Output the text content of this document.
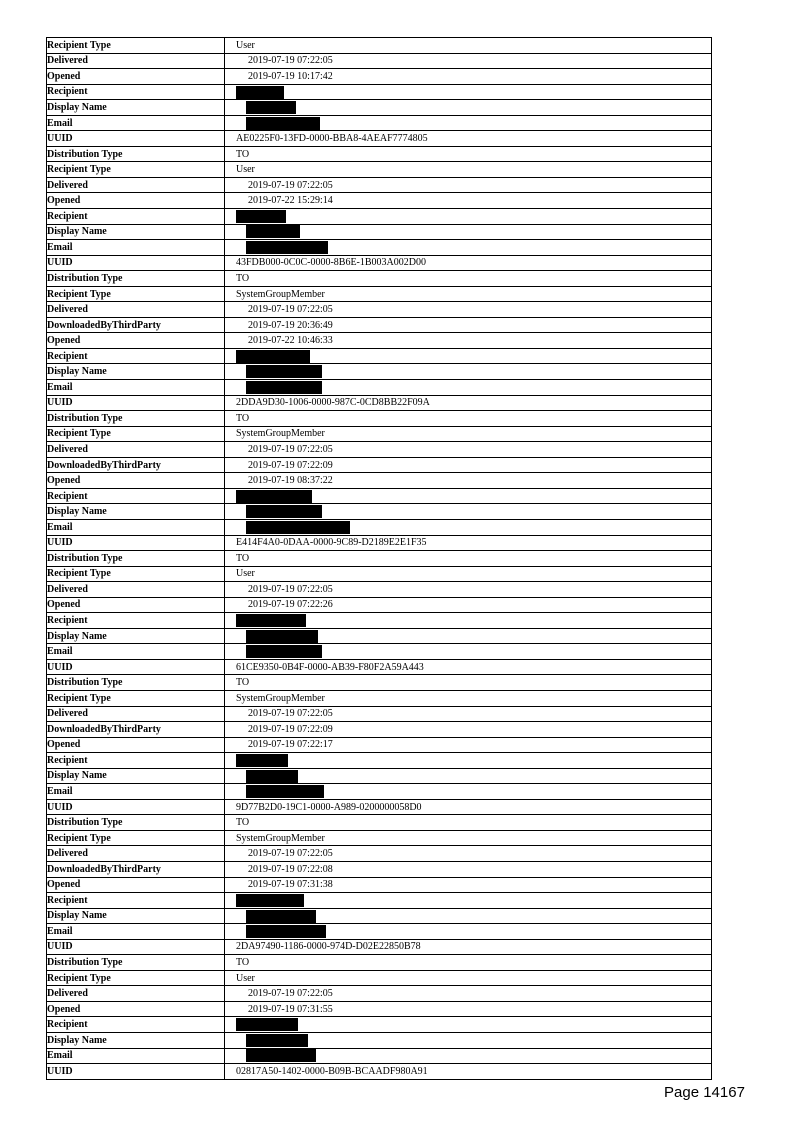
Recipient Type	User
Delivered	2019-07-19 07:22:05
Opened	2019-07-19 10:17:42
Recipient	
Display Name	
Email	
UUID	AE0225F0-13FD-0000-BBA8-4AEAF7774805
Distribution Type	TO
Recipient Type	User
Delivered	2019-07-19 07:22:05
Opened	2019-07-22 15:29:14
Recipient	
Display Name	
Email	
UUID	43FDB000-0C0C-0000-8B6E-1B003A002D00
Distribution Type	TO
Recipient Type	SystemGroupMember
Delivered	2019-07-19 07:22:05
DownloadedByThirdParty	2019-07-19 20:36:49
Opened	2019-07-22 10:46:33
Recipient	
Display Name	
Email	
UUID	2DDA9D30-1006-0000-987C-0CD8BB22F09A
Distribution Type	TO
Recipient Type	SystemGroupMember
Delivered	2019-07-19 07:22:05
DownloadedByThirdParty	2019-07-19 07:22:09
Opened	2019-07-19 08:37:22
Recipient	
Display Name	
Email	
UUID	E414F4A0-0DAA-0000-9C89-D2189E2E1F35
Distribution Type	TO
Recipient Type	User
Delivered	2019-07-19 07:22:05
Opened	2019-07-19 07:22:26
Recipient	
Display Name	
Email	
UUID	61CE9350-0B4F-0000-AB39-F80F2A59A443
Distribution Type	TO
Recipient Type	SystemGroupMember
Delivered	2019-07-19 07:22:05
DownloadedByThirdParty	2019-07-19 07:22:09
Opened	2019-07-19 07:22:17
Recipient	
Display Name	
Email	
UUID	9D77B2D0-19C1-0000-A989-0200000058D0
Distribution Type	TO
Recipient Type	SystemGroupMember
Delivered	2019-07-19 07:22:05
DownloadedByThirdParty	2019-07-19 07:22:08
Opened	2019-07-19 07:31:38
Recipient	
Display Name	
Email	
UUID	2DA97490-1186-0000-974D-D02E22850B78
Distribution Type	TO
Recipient Type	User
Delivered	2019-07-19 07:22:05
Opened	2019-07-19 07:31:55
Recipient	
Display Name	
Email	
UUID	02817A50-1402-0000-B09B-BCAADF980A91
Page 14167
